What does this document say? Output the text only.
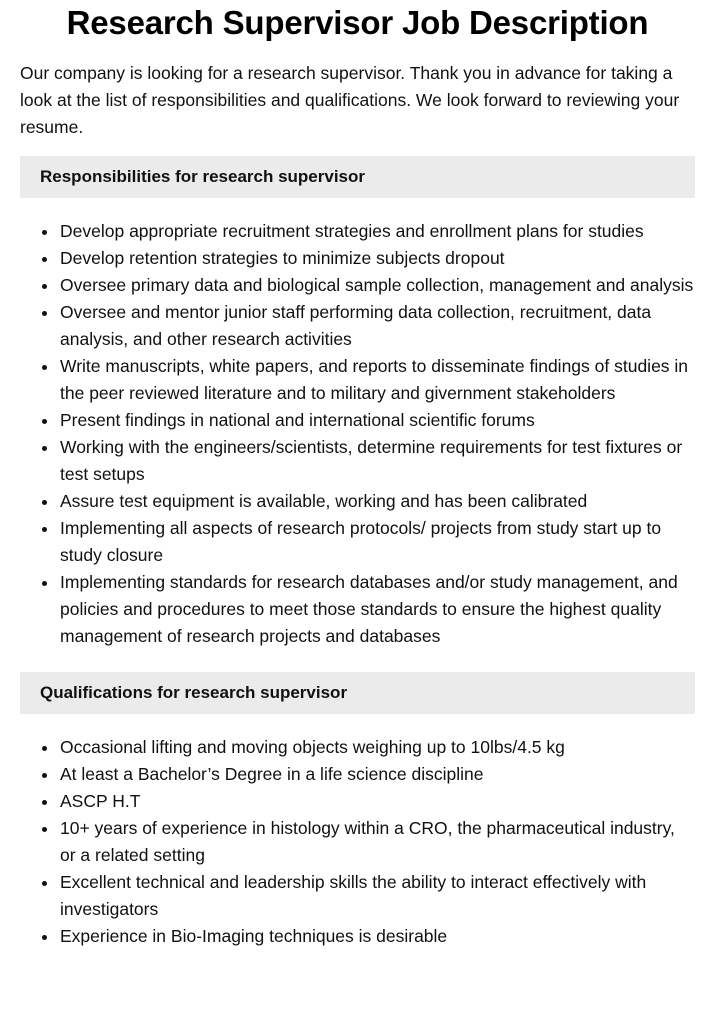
Research Supervisor Job Description

Our company is looking for a research supervisor. Thank you in advance for taking a look at the list of responsibilities and qualifications. We look forward to reviewing your resume.

Responsibilities for research supervisor
Develop appropriate recruitment strategies and enrollment plans for studies
Develop retention strategies to minimize subjects dropout
Oversee primary data and biological sample collection, management and analysis
Oversee and mentor junior staff performing data collection, recruitment, data analysis, and other research activities
Write manuscripts, white papers, and reports to disseminate findings of studies in the peer reviewed literature and to military and givernment stakeholders
Present findings in national and international scientific forums
Working with the engineers/scientists, determine requirements for test fixtures or test setups
Assure test equipment is available, working and has been calibrated
Implementing all aspects of research protocols/ projects from study start up to study closure
Implementing standards for research databases and/or study management, and policies and procedures to meet those standards to ensure the highest quality management of research projects and databases
Qualifications for research supervisor
Occasional lifting and moving objects weighing up to 10lbs/4.5 kg
At least a Bachelor’s Degree in a life science discipline
ASCP H.T
10+ years of experience in histology within a CRO, the pharmaceutical industry, or a related setting
Excellent technical and leadership skills the ability to interact effectively with investigators
Experience in Bio-Imaging techniques is desirable
